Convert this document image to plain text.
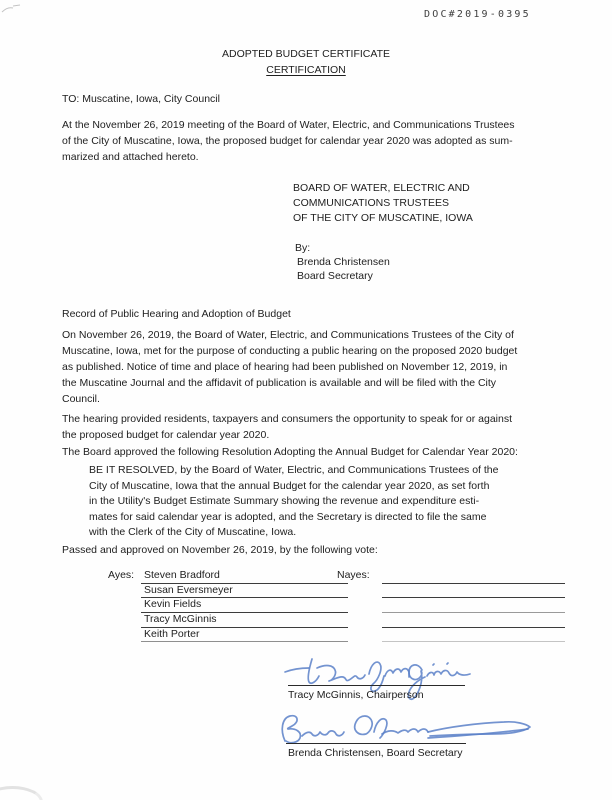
DOC#2019-0395
ADOPTED BUDGET CERTIFICATE
CERTIFICATION
TO: Muscatine, Iowa, City Council
At the November 26, 2019 meeting of the Board of Water, Electric, and Communications Trustees
of the City of Muscatine, Iowa, the proposed budget for calendar year 2020 was adopted as sum-
marized and attached hereto.
BOARD OF WATER, ELECTRIC AND
COMMUNICATIONS TRUSTEES
OF THE CITY OF MUSCATINE, IOWA
By:
Brenda Christensen
Board Secretary
Record of Public Hearing and Adoption of Budget
On November 26, 2019, the Board of Water, Electric, and Communications Trustees of the City of
Muscatine, Iowa, met for the purpose of conducting a public hearing on the proposed 2020 budget
as published. Notice of time and place of hearing had been published on November 12, 2019, in
the Muscatine Journal and the affidavit of publication is available and will be filed with the City
Council.
The hearing provided residents, taxpayers and consumers the opportunity to speak for or against
the proposed budget for calendar year 2020.
The Board approved the following Resolution Adopting the Annual Budget for Calendar Year 2020:
BE IT RESOLVED, by the Board of Water, Electric, and Communications Trustees of the
City of Muscatine, Iowa that the annual Budget for the calendar year 2020, as set forth
in the Utility's Budget Estimate Summary showing the revenue and expenditure esti-
mates for said calendar year is adopted, and the Secretary is directed to file the same
with the Clerk of the City of Muscatine, Iowa.
Passed and approved on November 26, 2019, by the following vote:
Ayes:	Nayes:
Steven Bradford
Susan Eversmeyer
Kevin Fields
Tracy McGinnis
Keith Porter
Tracy McGinnis, Chairperson
Brenda Christensen, Board Secretary
